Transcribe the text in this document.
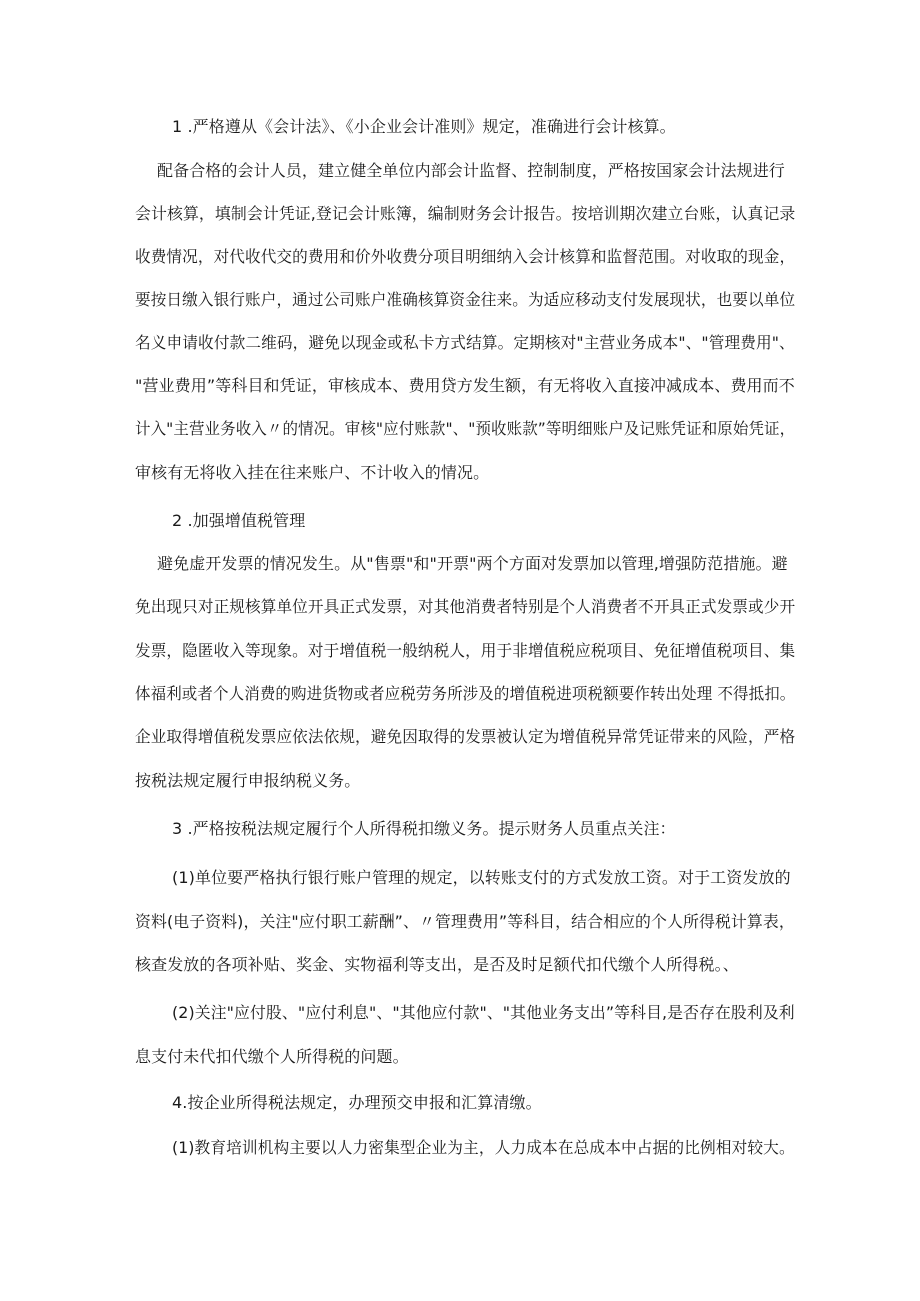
1 .严格遵从《会计法》、《小企业会计准则》规定，准确进行会计核算。
配备合格的会计人员，建立健全单位内部会计监督、控制制度，严格按国家会计法规进行
会计核算，填制会计凭证,登记会计账簿，编制财务会计报告。按培训期次建立台账，认真记录
收费情况，对代收代交的费用和价外收费分项目明细纳入会计核算和监督范围。对收取的现金，
要按日缴入银行账户，通过公司账户准确核算资金往来。为适应移动支付发展现状，也要以单位
名义申请收付款二维码，避免以现金或私卡方式结算。定期核对"主营业务成本"、"管理费用"、
"营业费用”等科目和凭证，审核成本、费用贷方发生额，有无将收入直接冲减成本、费用而不
计入"主营业务收入〃的情况。审核"应付账款"、"预收账款”等明细账户及记账凭证和原始凭证，
审核有无将收入挂在往来账户、不计收入的情况。
2 .加强增值税管理
避免虚开发票的情况发生。从"售票"和"开票"两个方面对发票加以管理,增强防范措施。避
免出现只对正规核算单位开具正式发票，对其他消费者特别是个人消费者不开具正式发票或少开
发票，隐匿收入等现象。对于增值税一般纳税人，用于非增值税应税项目、免征增值税项目、集
体福利或者个人消费的购进货物或者应税劳务所涉及的增值税进项税额要作转出处理 不得抵扣。
企业取得增值税发票应依法依规，避免因取得的发票被认定为增值税异常凭证带来的风险，严格
按税法规定履行申报纳税义务。
3 .严格按税法规定履行个人所得税扣缴义务。提示财务人员重点关注：
(1)单位要严格执行银行账户管理的规定，以转账支付的方式发放工资。对于工资发放的
资料(电子资料)，关注"应付职工薪酬”、〃管理费用”等科目，结合相应的个人所得税计算表，
核查发放的各项补贴、奖金、实物福利等支出，是否及时足额代扣代缴个人所得税。、
(2)关注"应付股、"应付利息"、"其他应付款"、"其他业务支出”等科目,是否存在股利及利
息支付未代扣代缴个人所得税的问题。
4.按企业所得税法规定，办理预交申报和汇算清缴。
(1)教育培训机构主要以人力密集型企业为主，人力成本在总成本中占据的比例相对较大。
